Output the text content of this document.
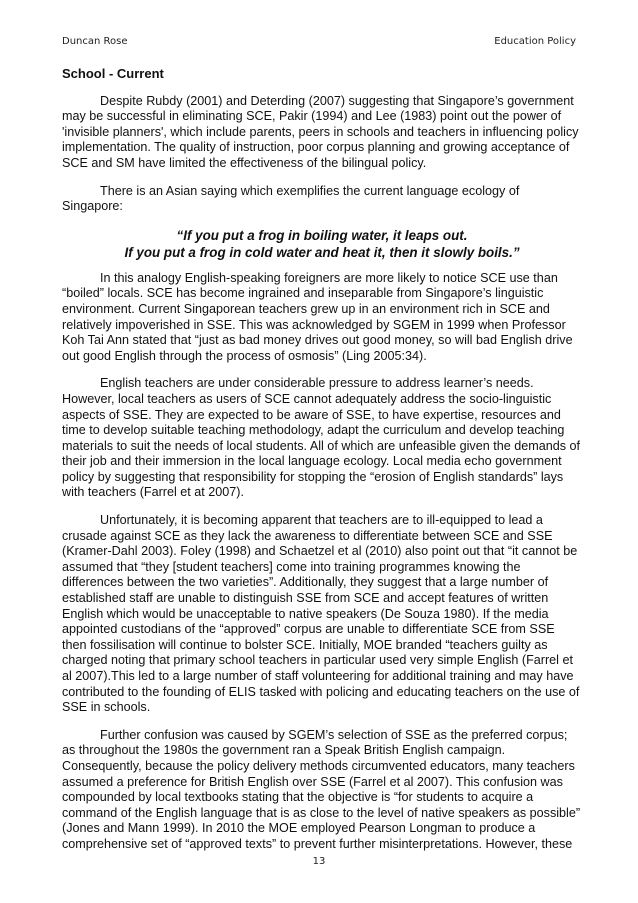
Duncan Rose	Education Policy
School - Current

Despite Rubdy (2001) and Deterding (2007) suggesting that Singapore’s government may be successful in eliminating SCE, Pakir (1994) and Lee (1983) point out the power of 'invisible planners', which include parents, peers in schools and teachers in influencing policy implementation. The quality of instruction, poor corpus planning and growing acceptance of SCE and SM have limited the effectiveness of the bilingual policy.

There is an Asian saying which exemplifies the current language ecology of Singapore:

“If you put a frog in boiling water, it leaps out.
If you put a frog in cold water and heat it, then it slowly boils.”

In this analogy English-speaking foreigners are more likely to notice SCE use than “boiled” locals. SCE has become ingrained and inseparable from Singapore’s linguistic environment. Current Singaporean teachers grew up in an environment rich in SCE and relatively impoverished in SSE. This was acknowledged by SGEM in 1999 when Professor Koh Tai Ann stated that “just as bad money drives out good money, so will bad English drive out good English through the process of osmosis” (Ling 2005:34).

English teachers are under considerable pressure to address learner’s needs. However, local teachers as users of SCE cannot adequately address the socio-linguistic aspects of SSE. They are expected to be aware of SSE, to have expertise, resources and time to develop suitable teaching methodology, adapt the curriculum and develop teaching materials to suit the needs of local students. All of which are unfeasible given the demands of their job and their immersion in the local language ecology. Local media echo government policy by suggesting that responsibility for stopping the “erosion of English standards” lays with teachers (Farrel et at 2007).

Unfortunately, it is becoming apparent that teachers are to ill-equipped to lead a crusade against SCE as they lack the awareness to differentiate between SCE and SSE (Kramer-Dahl 2003). Foley (1998) and Schaetzel et al (2010) also point out that “it cannot be assumed that “they [student teachers] come into training programmes knowing the differences between the two varieties”. Additionally, they suggest that a large number of established staff are unable to distinguish SSE from SCE and accept features of written English which would be unacceptable to native speakers (De Souza 1980). If the media appointed custodians of the “approved” corpus are unable to differentiate SCE from SSE then fossilisation will continue to bolster SCE. Initially, MOE branded “teachers guilty as charged noting that primary school teachers in particular used very simple English (Farrel et al 2007).This led to a large number of staff volunteering for additional training and may have contributed to the founding of ELIS tasked with policing and educating teachers on the use of SSE in schools.

Further confusion was caused by SGEM’s selection of SSE as the preferred corpus; as throughout the 1980s the government ran a Speak British English campaign. Consequently, because the policy delivery methods circumvented educators, many teachers assumed a preference for British English over SSE (Farrel et al 2007). This confusion was compounded by local textbooks stating that the objective is “for students to acquire a command of the English language that is as close to the level of native speakers as possible” (Jones and Mann 1999). In 2010 the MOE employed Pearson Longman to produce a comprehensive set of “approved texts” to prevent further misinterpretations. However, these

13
